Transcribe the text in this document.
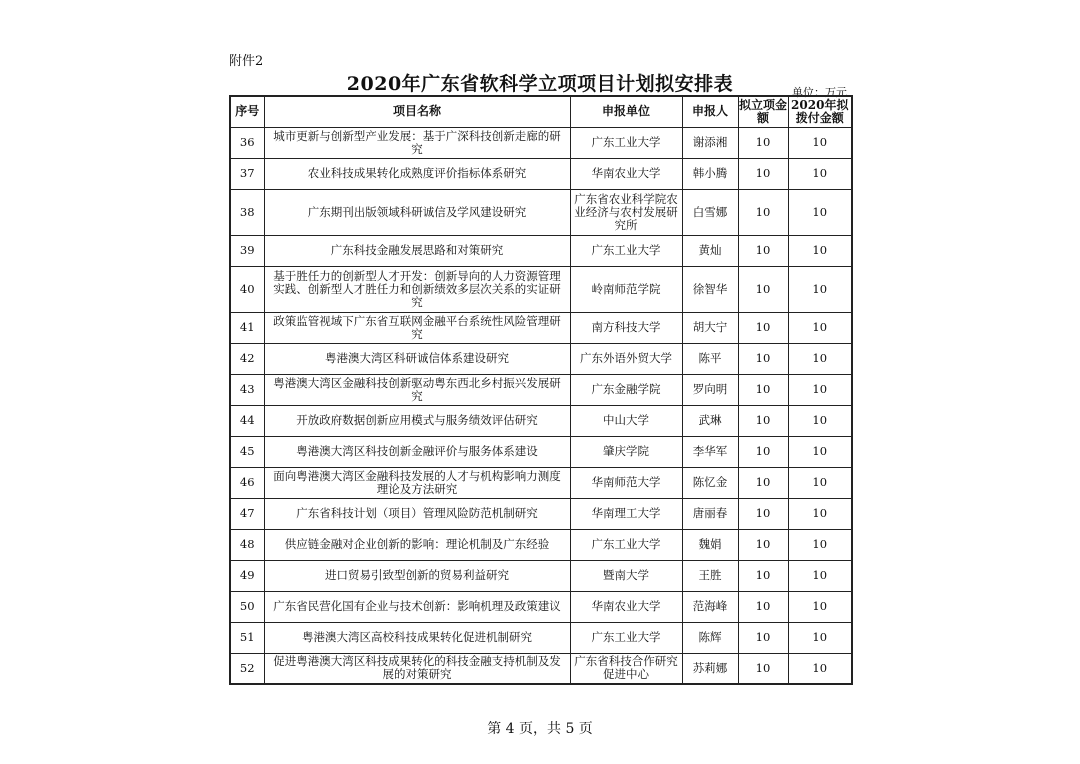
附件2
2020年广东省软科学立项项目计划拟安排表	单位：万元
序号	项目名称	申报单位	申报人	拟立项金额	2020年拟拨付金额
36	城市更新与创新型产业发展：基于广深科技创新走廊的研究	广东工业大学	谢添湘	10	10
37	农业科技成果转化成熟度评价指标体系研究	华南农业大学	韩小腾	10	10
38	广东期刊出版领域科研诚信及学风建设研究	广东省农业科学院农业经济与农村发展研究所	白雪娜	10	10
39	广东科技金融发展思路和对策研究	广东工业大学	黄灿	10	10
40	基于胜任力的创新型人才开发：创新导向的人力资源管理实践、创新型人才胜任力和创新绩效多层次关系的实证研究	岭南师范学院	徐智华	10	10
41	政策监管视域下广东省互联网金融平台系统性风险管理研究	南方科技大学	胡大宁	10	10
42	粤港澳大湾区科研诚信体系建设研究	广东外语外贸大学	陈平	10	10
43	粤港澳大湾区金融科技创新驱动粤东西北乡村振兴发展研究	广东金融学院	罗向明	10	10
44	开放政府数据创新应用模式与服务绩效评估研究	中山大学	武琳	10	10
45	粤港澳大湾区科技创新金融评价与服务体系建设	肇庆学院	李华军	10	10
46	面向粤港澳大湾区金融科技发展的人才与机构影响力测度理论及方法研究	华南师范大学	陈忆金	10	10
47	广东省科技计划（项目）管理风险防范机制研究	华南理工大学	唐丽春	10	10
48	供应链金融对企业创新的影响：理论机制及广东经验	广东工业大学	魏娟	10	10
49	进口贸易引致型创新的贸易利益研究	暨南大学	王胜	10	10
50	广东省民营化国有企业与技术创新：影响机理及政策建议	华南农业大学	范海峰	10	10
51	粤港澳大湾区高校科技成果转化促进机制研究	广东工业大学	陈辉	10	10
52	促进粤港澳大湾区科技成果转化的科技金融支持机制及发展的对策研究	广东省科技合作研究促进中心	苏莉娜	10	10
第 4 页，共 5 页
